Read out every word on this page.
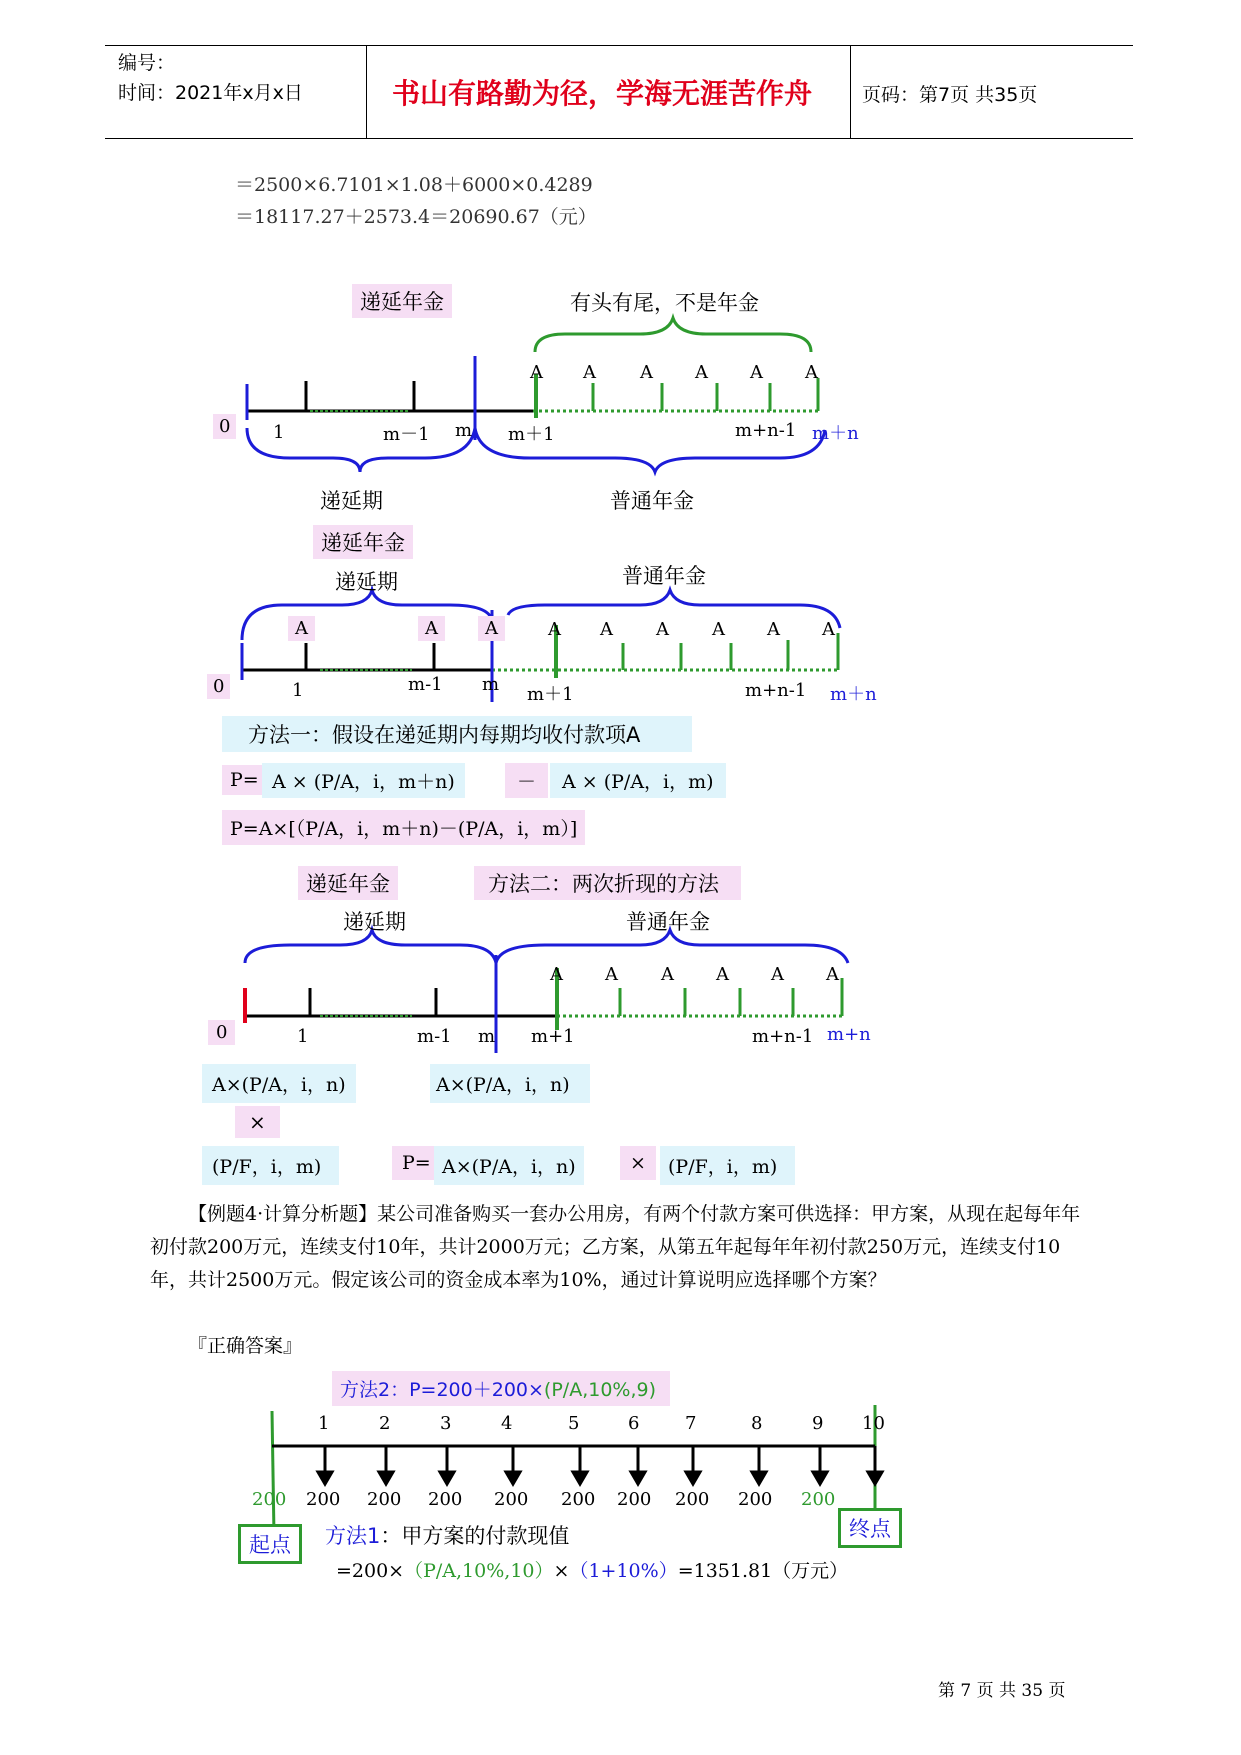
编号：
时间：2021年x月x日	书山有路勤为径，学海无涯苦作舟	页码：第7页 共35页
＝2500×6.7101×1.08＋6000×0.4289
＝18117.27＋2573.4＝20690.67（元）
递延年金	有头有尾，不是年金
A A A A A A
0	1	m－1 m m＋1	m+n-1 m＋n
递延期	普通年金
递延年金
递延期	普通年金
A	A	A	A A A A A A
0	1	m-1 m m＋1	m+n-1 m＋n
方法一：假设在递延期内每期均收付款项A
P= A × (P/A，i，m＋n)	－	A × (P/A，i，m)
P=A×[（P/A，i，m＋n)－(P/A，i，m）]
递延年金	方法二：两次折现的方法
递延期	普通年金
A A A A A A
0	1	m-1 m m+1	m+n-1 m+n
A×(P/A，i，n)	A×(P/A，i，n)
×
(P/F，i，m)	P= A×(P/A，i，n)	×	(P/F，i，m)
【例题4·计算分析题】某公司准备购买一套办公用房，有两个付款方案可供选择：甲方案，从现在起每年年初付款200万元，连续支付10年，共计2000万元；乙方案，从第五年起每年年初付款250万元，连续支付10年，共计2500万元。假定该公司的资金成本率为10%，通过计算说明应选择哪个方案？
『正确答案』
方法2：P=200＋200×(P/A,10%,9)
1	2	3	4	5	6	7	8	9 10
200 200 200 200 200 200 200 200 200 200
起点
终点
方法1：甲方案的付款现值
=200×（P/A,10%,10）×（1+10%）=1351.81（万元）
第 7 页 共 35 页
